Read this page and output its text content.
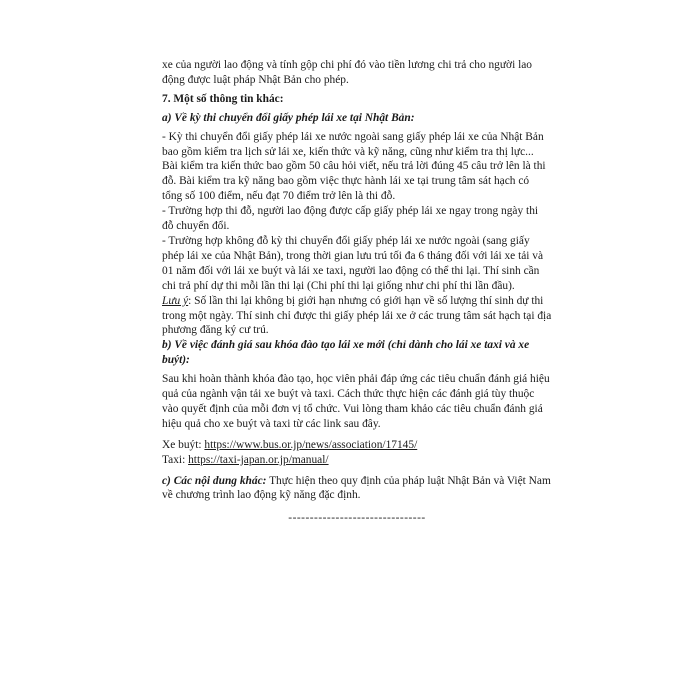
xe của người lao động và tính gộp chi phí đó vào tiền lương chi trả cho người lao động được luật pháp Nhật Bản cho phép.

7. Một số thông tin khác:

a) Về kỳ thi chuyển đổi giấy phép lái xe tại Nhật Bản:

- Kỳ thi chuyển đổi giấy phép lái xe nước ngoài sang giấy phép lái xe của Nhật Bản bao gồm kiểm tra lịch sử lái xe, kiến thức và kỹ năng, cũng như kiểm tra thị lực... Bài kiểm tra kiến thức bao gồm 50 câu hỏi viết, nếu trả lời đúng 45 câu trở lên là thi đỗ. Bài kiểm tra kỹ năng bao gồm việc thực hành lái xe tại trung tâm sát hạch có tổng số 100 điểm, nếu đạt 70 điểm trở lên là thi đỗ.

- Trường hợp thi đỗ, người lao động được cấp giấy phép lái xe ngay trong ngày thi đỗ chuyển đổi.

- Trường hợp không đỗ kỳ thi chuyển đổi giấy phép lái xe nước ngoài (sang giấy phép lái xe của Nhật Bản), trong thời gian lưu trú tối đa 6 tháng đối với lái xe tải và 01 năm đối với lái xe buýt và lái xe taxi, người lao động có thể thi lại. Thí sinh cần chi trả phí dự thi mỗi lần thi lại (Chi phí thi lại giống như chi phí thi lần đầu).

Lưu ý: Số lần thi lại không bị giới hạn nhưng có giới hạn về số lượng thí sinh dự thi trong một ngày. Thí sinh chỉ được thi giấy phép lái xe ở các trung tâm sát hạch tại địa phương đăng ký cư trú.

b) Về việc đánh giá sau khóa đào tạo lái xe mới (chỉ dành cho lái xe taxi và xe buýt):

Sau khi hoàn thành khóa đào tạo, học viên phải đáp ứng các tiêu chuẩn đánh giá hiệu quả của ngành vận tải xe buýt và taxi. Cách thức thực hiện các đánh giá tùy thuộc vào quyết định của mỗi đơn vị tổ chức. Vui lòng tham khảo các tiêu chuẩn đánh giá hiệu quả cho xe buýt và taxi từ các link sau đây.

Xe buýt: https://www.bus.or.jp/news/association/17145/

Taxi: https://taxi-japan.or.jp/manual/

c) Các nội dung khác: Thực hiện theo quy định của pháp luật Nhật Bản và Việt Nam về chương trình lao động kỹ năng đặc định.

--------------------------------
